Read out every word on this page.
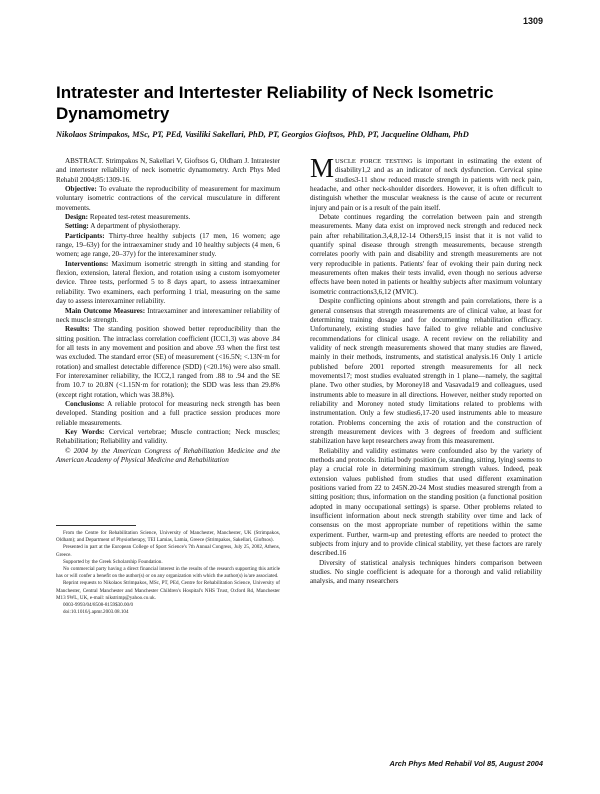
1309
Intratester and Intertester Reliability of Neck Isometric Dynamometry
Nikolaos Strimpakos, MSc, PT, PEd, Vasiliki Sakellari, PhD, PT, Georgios Gioftsos, PhD, PT, Jacqueline Oldham, PhD

ABSTRACT. Strimpakos N, Sakellari V, Gioftsos G, Oldham J. Intratester and intertester reliability of neck isometric dynamometry. Arch Phys Med Rehabil 2004;85:1309-16.

Objective: To evaluate the reproducibility of measurement for maximum voluntary isometric contractions of the cervical musculature in different movements.

Design: Repeated test-retest measurements.

Setting: A department of physiotherapy.

Participants: Thirty-three healthy subjects (17 men, 16 women; age range, 19–63y) for the intraexaminer study and 10 healthy subjects (4 men, 6 women; age range, 20–37y) for the interexaminer study.

Interventions: Maximum isometric strength in sitting and standing for flexion, extension, lateral flexion, and rotation using a custom isomyometer device. Three tests, performed 5 to 8 days apart, to assess intraexaminer reliability. Two examiners, each performing 1 trial, measuring on the same day to assess interexaminer reliability.

Main Outcome Measures: Intraexaminer and interexaminer reliability of neck muscle strength.

Results: The standing position showed better reproducibility than the sitting position. The intraclass correlation coefficient (ICC1,3) was above .84 for all tests in any movement and position and above .93 when the first test was excluded. The standard error (SE) of measurement (<16.5N; <.13N·m for rotation) and smallest detectable difference (SDD) (<20.1%) were also small. For interexaminer reliability, the ICC2,1 ranged from .88 to .94 and the SE from 10.7 to 20.8N (<1.15N·m for rotation); the SDD was less than 29.8% (except right rotation, which was 38.8%).

Conclusions: A reliable protocol for measuring neck strength has been developed. Standing position and a full practice session produces more reliable measurements.

Key Words: Cervical vertebrae; Muscle contraction; Neck muscles; Rehabilitation; Reliability and validity.

© 2004 by the American Congress of Rehabilitation Medicine and the American Academy of Physical Medicine and Rehabilitation

From the Centre for Rehabilitation Science, University of Manchester, Manchester, UK (Strimpakos, Oldham); and Department of Physiotherapy, TEI Lamias, Lamia, Greece (Strimpakos, Sakellari, Gioftsos).

Presented in part at the European College of Sport Science's 7th Annual Congress, July 25, 2002, Athens, Greece.

Supported by the Greek Scholarship Foundation.

No commercial party having a direct financial interest in the results of the research supporting this article has or will confer a benefit on the author(s) or on any organization with which the author(s) is/are associated.

Reprint requests to Nikolaos Strimpakos, MSc, PT, PEd, Centre for Rehabilitation Science, University of Manchester, Central Manchester and Manchester Children's Hospital's NHS Trust, Oxford Rd, Manchester M13 9WL, UK, e-mail: nikstrimp@yahoo.co.uk.

0003-9993/04/8508-8159$30.00/0

doi:10.1016/j.apmr.2003.08.104

MUSCLE FORCE TESTING is important in estimating the extent of disability1,2 and as an indicator of neck dysfunction. Cervical spine studies3-11 show reduced muscle strength in patients with neck pain, headache, and other neck-shoulder disorders. However, it is often difficult to distinguish whether the muscular weakness is the cause of acute or recurrent injury and pain or is a result of the pain itself.

Debate continues regarding the correlation between pain and strength measurements. Many data exist on improved neck strength and reduced neck pain after rehabilitation.3,4,8,12-14 Others9,15 insist that it is not valid to quantify spinal disease through strength measurements, because strength correlates poorly with pain and disability and strength measurements are not very reproducible in patients. Patients' fear of evoking their pain during neck measurements often makes their tests invalid, even though no serious adverse effects have been noted in patients or healthy subjects after maximum voluntary isometric contractions3,6,12 (MVIC).

Despite conflicting opinions about strength and pain correlations, there is a general consensus that strength measurements are of clinical value, at least for determining training dosage and for documenting rehabilitation efficacy. Unfortunately, existing studies have failed to give reliable and conclusive recommendations for clinical usage. A recent review on the reliability and validity of neck strength measurements showed that many studies are flawed, mainly in their methods, instruments, and statistical analysis.16 Only 1 article published before 2001 reported strength measurements for all neck movements17; most studies evaluated strength in 1 plane—namely, the sagittal plane. Two other studies, by Moroney18 and Vasavada19 and colleagues, used instruments able to measure in all directions. However, neither study reported on reliability and Moroney noted study limitations related to problems with instrumentation. Only a few studies6,17-20 used instruments able to measure rotation. Problems concerning the axis of rotation and the construction of strength measurement devices with 3 degrees of freedom and sufficient stabilization have kept researchers away from this measurement.

Reliability and validity estimates were confounded also by the variety of methods and protocols. Initial body position (ie, standing, sitting, lying) seems to play a crucial role in determining maximum strength values. Indeed, peak extension values published from studies that used different examination positions varied from 22 to 245N.20-24 Most studies measured strength from a sitting position; thus, information on the standing position (a functional position adopted in many occupational settings) is sparse. Other problems related to insufficient information about neck strength stability over time and lack of consensus on the most appropriate number of repetitions within the same experiment. Further, warm-up and pretesting efforts are needed to protect the subjects from injury and to provide clinical stability, yet these factors are rarely described.16

Diversity of statistical analysis techniques hinders comparison between studies. No single coefficient is adequate for a thorough and valid reliability analysis, and many researchers

Arch Phys Med Rehabil Vol 85, August 2004
